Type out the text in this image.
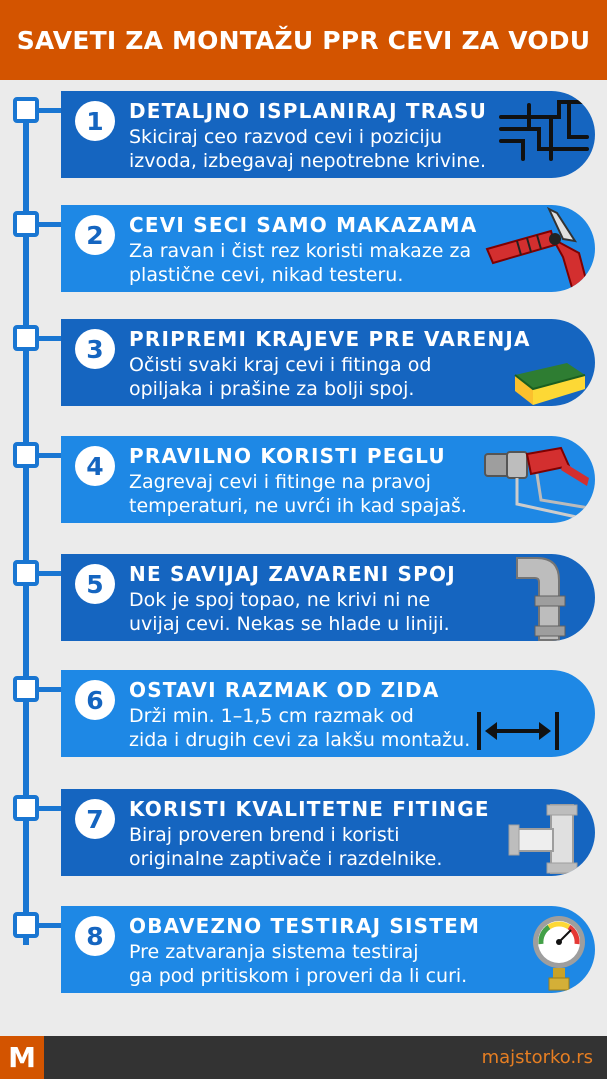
SAVETI ZA MONTAŽU PPR CEVI ZA VODU
1	DETALJNO ISPLANIRAJ TRASU
Skiciraj ceo razvod cevi i poziciju
izvoda, izbegavaj nepotrebne krivine.
2	CEVI SECI SAMO MAKAZAMA
Za ravan i čist rez koristi makaze za
plastične cevi, nikad testeru.
3	PRIPREMI KRAJEVE PRE VARENJA
Očisti svaki kraj cevi i fitinga od
opiljaka i prašine za bolji spoj.
4	PRAVILNO KORISTI PEGLU
Zagrevaj cevi i fitinge na pravoj
temperaturi, ne uvrći ih kad spajaš.
5	NE SAVIJAJ ZAVARENI SPOJ
Dok je spoj topao, ne krivi ni ne
uvijaj cevi. Nekas se hlade u liniji.
6	OSTAVI RAZMAK OD ZIDA
Drži min. 1–1,5 cm razmak od
zida i drugih cevi za lakšu montažu.
7	KORISTI KVALITETNE FITINGE
Biraj proveren brend i koristi
originalne zaptivače i razdelnike.
8	OBAVEZNO TESTIRAJ SISTEM
Pre zatvaranja sistema testiraj
ga pod pritiskom i proveri da li curi.
M	majstorko.rs
